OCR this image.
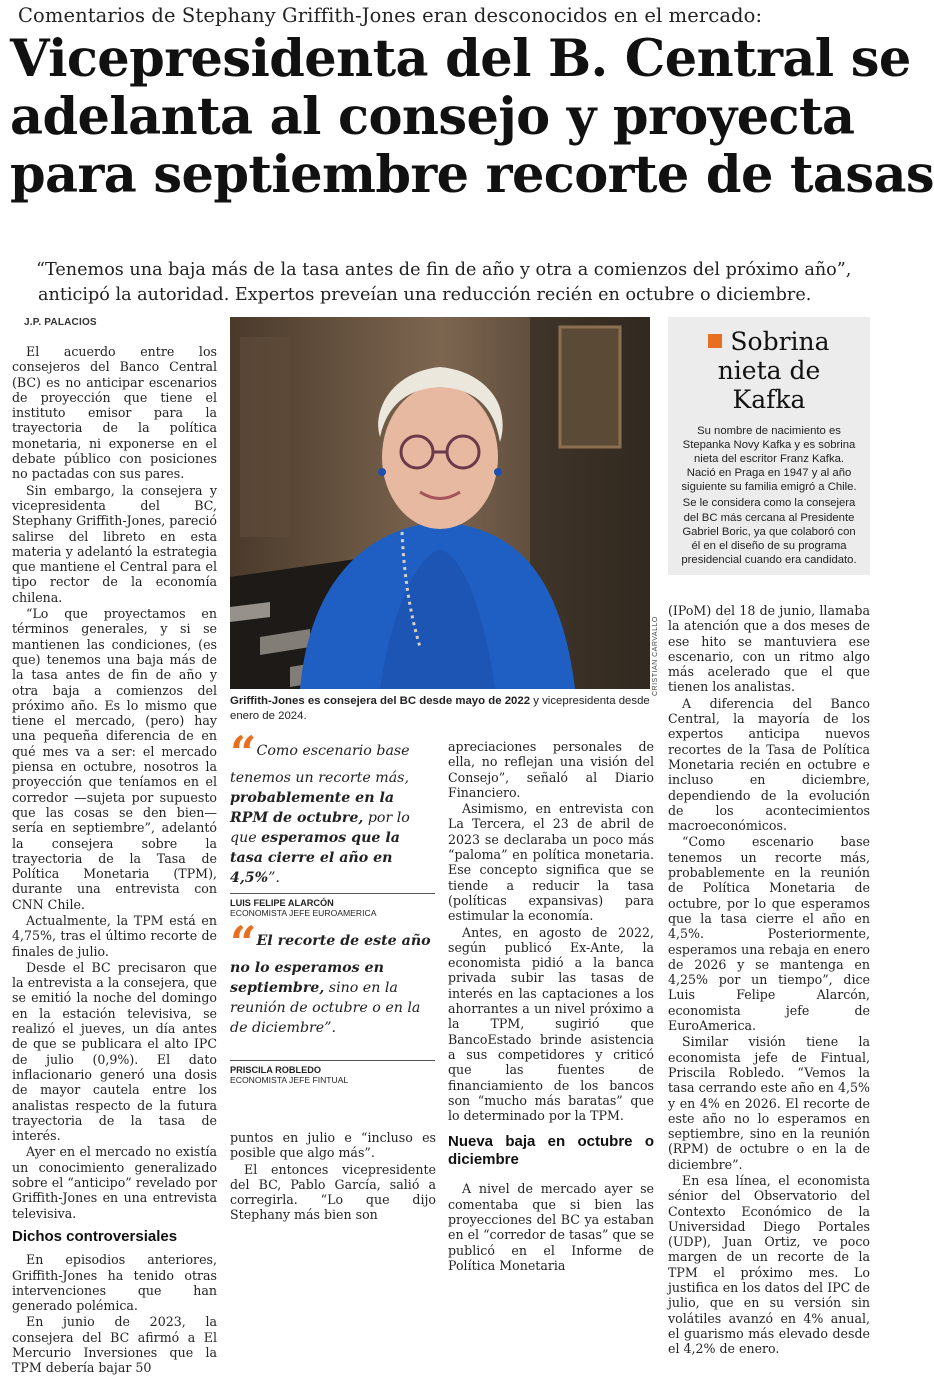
Comentarios de Stephany Griffith-Jones eran desconocidos en el mercado:
Vicepresidenta del B. Central se
adelanta al consejo y proyecta
para septiembre recorte de tasas
“Tenemos una baja más de la tasa antes de fin de año y otra a comienzos del próximo año”,
anticipó la autoridad. Expertos preveían una reducción recién en octubre o diciembre.
J.P. PALACIOS

El acuerdo entre los consejeros del Banco Central (BC) es no anticipar escenarios de proyección que tiene el instituto emisor para la trayectoria de la política monetaria, ni exponerse en el debate público con posiciones no pactadas con sus pares.

Sin embargo, la consejera y vicepresidenta del BC, Stephany Griffith-Jones, pareció salirse del libreto en esta materia y adelantó la estrategia que mantiene el Central para el tipo rector de la economía chilena.

“Lo que proyectamos en términos generales, y si se mantienen las condiciones, (es que) tenemos una baja más de la tasa antes de fin de año y otra baja a comienzos del próximo año. Es lo mismo que tiene el mercado, (pero) hay una pequeña diferencia de en qué mes va a ser: el mercado piensa en octubre, nosotros la proyección que teníamos en el corredor —sujeta por supuesto que las cosas se den bien— sería en septiembre”, adelantó la consejera sobre la trayectoria de la Tasa de Política Monetaria (TPM), durante una entrevista con CNN Chile.

Actualmente, la TPM está en 4,75%, tras el último recorte de finales de julio.

Desde el BC precisaron que la entrevista a la consejera, que se emitió la noche del domingo en la estación televisiva, se realizó el jueves, un día antes de que se publicara el alto IPC de julio (0,9%). El dato inflacionario generó una dosis de mayor cautela entre los analistas respecto de la futura trayectoria de la tasa de interés.

Ayer en el mercado no existía un conocimiento generalizado sobre el “anticipo” revelado por Griffith-Jones en una entrevista televisiva.

Dichos controversiales

En episodios anteriores, Griffith-Jones ha tenido otras intervenciones que han generado polémica.

En junio de 2023, la consejera del BC afirmó a El Mercurio Inversiones que la TPM debería bajar 50

CRISTIAN CARVALLO
Griffith-Jones es consejera del BC desde mayo de 2022 y vicepresidenta desde enero de 2024.
“ Como escenario base tenemos un recorte más, probablemente en la RPM de octubre, por lo que esperamos que la tasa cierre el año en 4,5%”.
LUIS FELIPE ALARCÓN
ECONOMISTA JEFE EUROAMERICA
“ El recorte de este año no lo esperamos en septiembre, sino en la reunión de octubre o en la de diciembre”.
PRISCILA ROBLEDO
ECONOMISTA JEFE FINTUAL

puntos en julio e “incluso es posible que algo más”.

El entonces vicepresidente del BC, Pablo García, salió a corregirla. “Lo que dijo Stephany más bien son

apreciaciones personales de ella, no reflejan una visión del Consejo”, señaló al Diario Financiero.

Asimismo, en entrevista con La Tercera, el 23 de abril de 2023 se declaraba un poco más “paloma” en política monetaria. Ese concepto significa que se tiende a reducir la tasa (políticas expansivas) para estimular la economía.

Antes, en agosto de 2022, según publicó Ex-Ante, la economista pidió a la banca privada subir las tasas de interés en las captaciones a los ahorrantes a un nivel próximo a la TPM, sugirió que BancoEstado brinde asistencia a sus competidores y criticó que las fuentes de financiamiento de los bancos son “mucho más baratas” que lo determinado por la TPM.

Nueva baja en octubre o diciembre

A nivel de mercado ayer se comentaba que si bien las proyecciones del BC ya estaban en el “corredor de tasas” que se publicó en el Informe de Política Monetaria

Sobrina nieta de Kafka

Su nombre de nacimiento es Stepanka Novy Kafka y es sobrina nieta del escritor Franz Kafka. Nació en Praga en 1947 y al año siguiente su familia emigró a Chile.

Se le considera como la consejera del BC más cercana al Presidente Gabriel Boric, ya que colaboró con él en el diseño de su programa presidencial cuando era candidato.

(IPoM) del 18 de junio, llamaba la atención que a dos meses de ese hito se mantuviera ese escenario, con un ritmo algo más acelerado que el que tienen los analistas.

A diferencia del Banco Central, la mayoría de los expertos anticipa nuevos recortes de la Tasa de Política Monetaria recién en octubre e incluso en diciembre, dependiendo de la evolución de los acontecimientos macroeconómicos.

“Como escenario base tenemos un recorte más, probablemente en la reunión de Política Monetaria de octubre, por lo que esperamos que la tasa cierre el año en 4,5%. Posteriormente, esperamos una rebaja en enero de 2026 y se mantenga en 4,25% por un tiempo”, dice Luis Felipe Alarcón, economista jefe de EuroAmerica.

Similar visión tiene la economista jefe de Fintual, Priscila Robledo. “Vemos la tasa cerrando este año en 4,5% y en 4% en 2026. El recorte de este año no lo esperamos en septiembre, sino en la reunión (RPM) de octubre o en la de diciembre”.

En esa línea, el economista sénior del Observatorio del Contexto Económico de la Universidad Diego Portales (UDP), Juan Ortiz, ve poco margen de un recorte de la TPM el próximo mes. Lo justifica en los datos del IPC de julio, que en su versión sin volátiles avanzó en 4% anual, el guarismo más elevado desde el 4,2% de enero.
